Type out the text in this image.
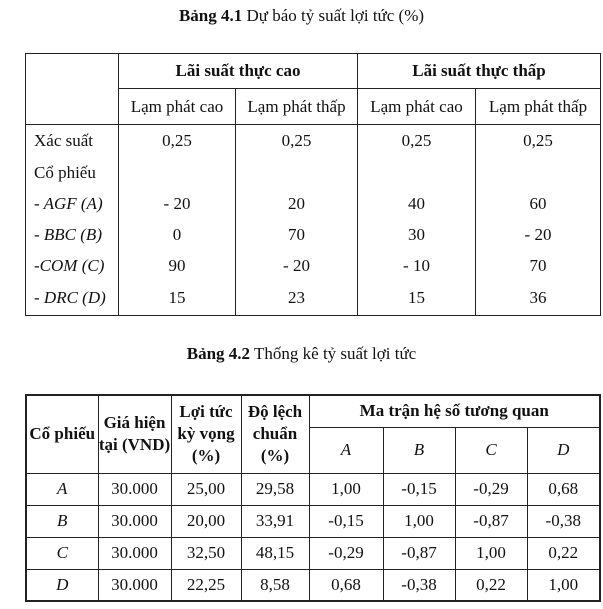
Bảng 4.1 Dự báo tỷ suất lợi tức (%)
	Lãi suất thực cao		Lãi suất thực thấp	
	Lạm phát cao	Lạm phát thấp	Lạm phát cao	Lạm phát thấp
Xác suất	0,25	0,25	0,25	0,25
Cổ phiếu				
- AGF (A)	- 20	20	40	60
- BBC (B)	0	70	30	- 20
-COM (C)	90	- 20	- 10	70
- DRC (D)	15	23	15	36
Bảng 4.2 Thống kê tỷ suất lợi tức
Cổ phiếu	Giá hiện tại (VND)	Lợi tức kỳ vọng (%)	Độ lệch chuẩn (%)	Ma trận hệ số tương quan			
				A	B	C	D
A	30.000	25,00	29,58	1,00	-0,15	-0,29	0,68
B	30.000	20,00	33,91	-0,15	1,00	-0,87	-0,38
C	30.000	32,50	48,15	-0,29	-0,87	1,00	0,22
D	30.000	22,25	8,58	0,68	-0,38	0,22	1,00
